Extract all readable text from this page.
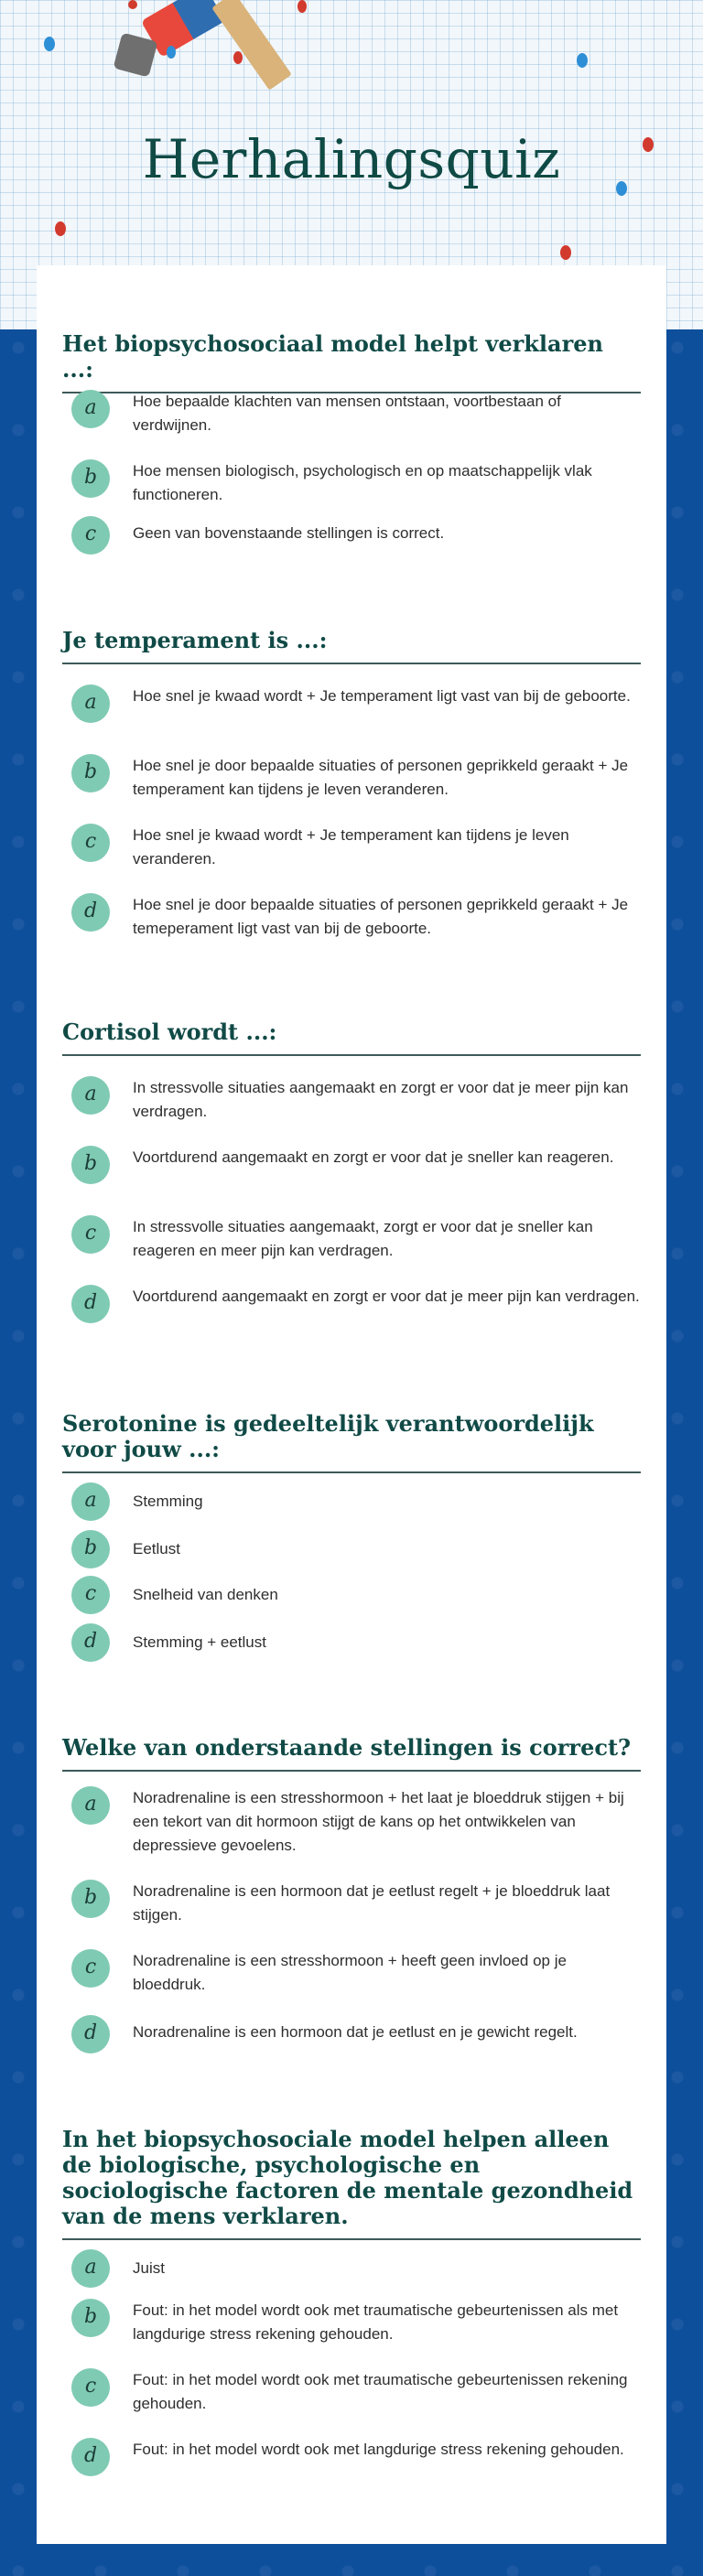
Herhalingsquiz
Het biopsychosociaal model helpt verklaren ...:
a	Hoe bepaalde klachten van mensen ontstaan, voortbestaan of verdwijnen.
b	Hoe mensen biologisch, psychologisch en op maatschappelijk vlak functioneren.
c	Geen van bovenstaande stellingen is correct.
Je temperament is ...:
a	Hoe snel je kwaad wordt + Je temperament ligt vast van bij de geboorte.
b	Hoe snel je door bepaalde situaties of personen geprikkeld geraakt + Je temperament kan tijdens je leven veranderen.
c	Hoe snel je kwaad wordt + Je temperament kan tijdens je leven veranderen.
d	Hoe snel je door bepaalde situaties of personen geprikkeld geraakt + Je temeperament ligt vast van bij de geboorte.
Cortisol wordt ...:
a	In stressvolle situaties aangemaakt en zorgt er voor dat je meer pijn kan verdragen.
b	Voortdurend aangemaakt en zorgt er voor dat je sneller kan reageren.
c	In stressvolle situaties aangemaakt, zorgt er voor dat je sneller kan reageren en meer pijn kan verdragen.
d	Voortdurend aangemaakt en zorgt er voor dat je meer pijn kan verdragen.
Serotonine is gedeeltelijk verantwoordelijk voor jouw ...:
a	Stemming
b	Eetlust
c	Snelheid van denken
d	Stemming + eetlust
Welke van onderstaande stellingen is correct?
a	Noradrenaline is een stresshormoon + het laat je bloeddruk stijgen + bij een tekort van dit hormoon stijgt de kans op het ontwikkelen van depressieve gevoelens.
b	Noradrenaline is een hormoon dat je eetlust regelt + je bloeddruk laat stijgen.
c	Noradrenaline is een stresshormoon + heeft geen invloed op je bloeddruk.
d	Noradrenaline is een hormoon dat je eetlust en je gewicht regelt.
In het biopsychosociale model helpen alleen de biologische, psychologische en sociologische factoren de mentale gezondheid van de mens verklaren.
a	Juist
b	Fout: in het model wordt ook met traumatische gebeurtenissen als met langdurige stress rekening gehouden.
c	Fout: in het model wordt ook met traumatische gebeurtenissen rekening gehouden.
d	Fout: in het model wordt ook met langdurige stress rekening gehouden.
